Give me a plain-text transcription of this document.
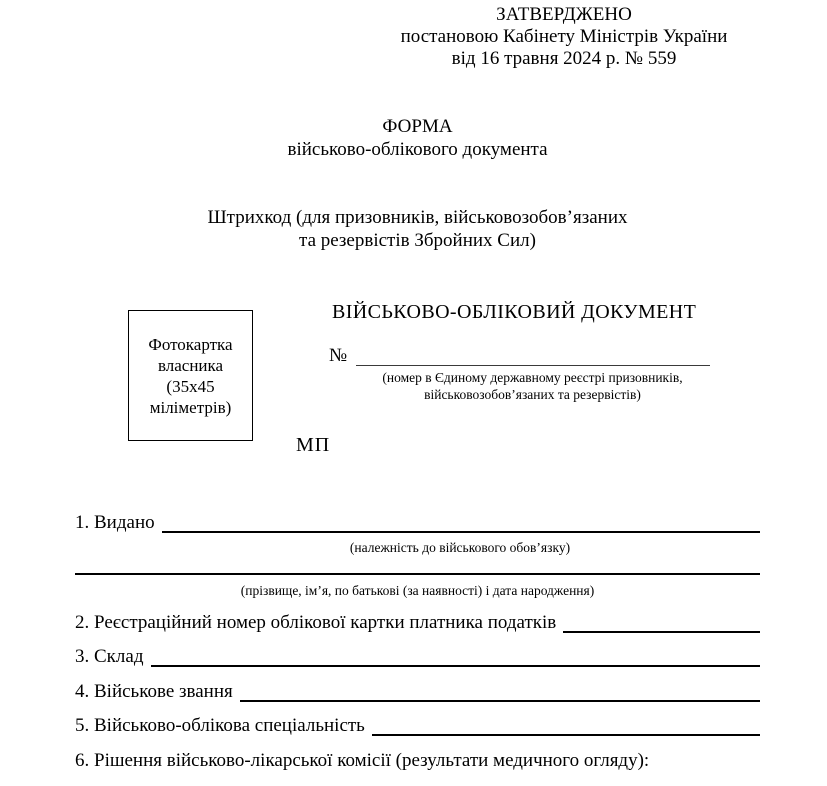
ЗАТВЕРДЖЕНО
постановою Кабінету Міністрів України
від 16 травня 2024 р. № 559
ФОРМА
військово-облікового документа
Штрихкод (для призовників, військовозобов’язаних
та резервістів Збройних Сил)
Фотокартка
власника
(35x45
міліметрів)
ВІЙСЬКОВО-ОБЛІКОВИЙ ДОКУМЕНТ
№
(номер в Єдиному державному реєстрі призовників,
військовозобов’язаних та резервістів)
МП
1. Видано
(належність до військового обов’язку)
(прізвище, ім’я, по батькові (за наявності) і дата народження)
2. Реєстраційний номер облікової картки платника податків
3. Склад
4. Військове звання
5. Військово-облікова спеціальність
6. Рішення військово-лікарської комісії (результати медичного огляду):
